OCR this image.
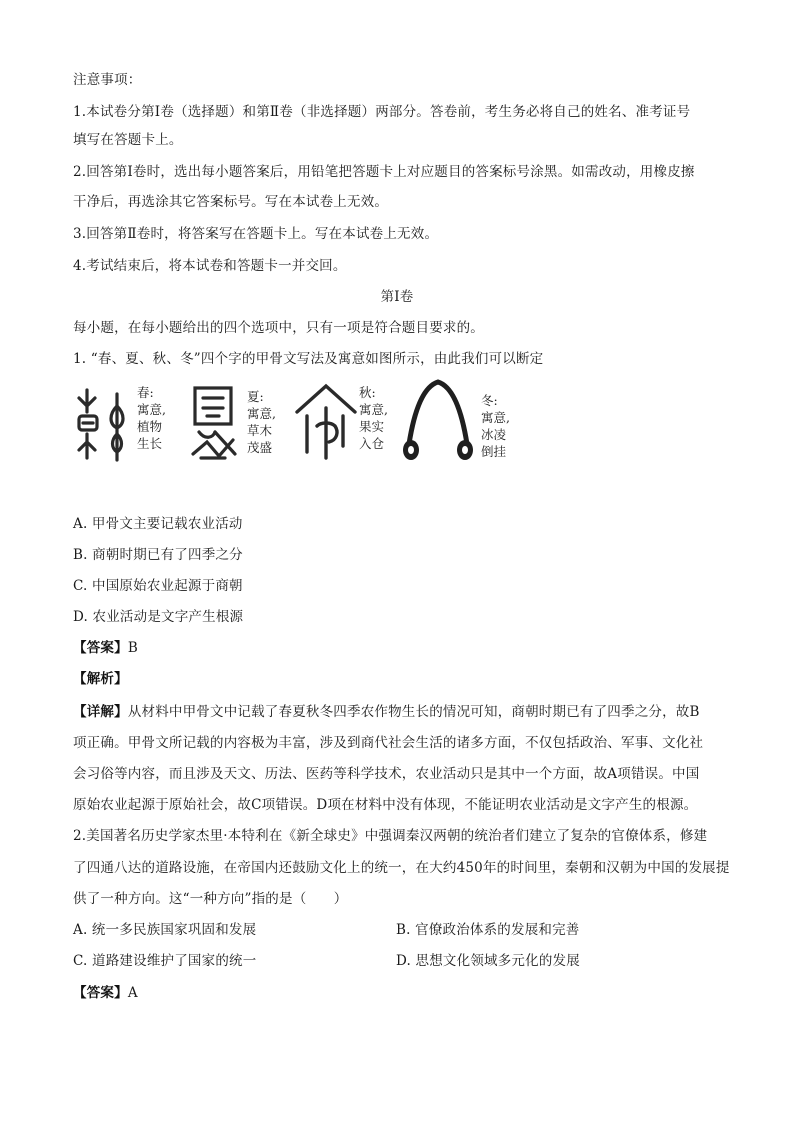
注意事项：
1.本试卷分第Ⅰ卷（选择题）和第Ⅱ卷（非选择题）两部分。答卷前，考生务必将自己的姓名、准考证号
填写在答题卡上。
2.回答第Ⅰ卷时，选出每小题答案后，用铅笔把答题卡上对应题目的答案标号涂黑。如需改动，用橡皮擦
干净后，再选涂其它答案标号。写在本试卷上无效。
3.回答第Ⅱ卷时，将答案写在答题卡上。写在本试卷上无效。
4.考试结束后，将本试卷和答题卡一并交回。
第Ⅰ卷
每小题，在每小题给出的四个选项中，只有一项是符合题目要求的。
1. “春、夏、秋、冬”四个字的甲骨文写法及寓意如图所示，由此我们可以断定
春:
寓意,
植物
生长
夏:
寓意,
草木
茂盛
秋:
寓意,
果实
入仓
冬:
寓意,
冰凌
倒挂
A. 甲骨文主要记载农业活动
B. 商朝时期已有了四季之分
C. 中国原始农业起源于商朝
D. 农业活动是文字产生根源
【答案】B
【解析】
【详解】从材料中甲骨文中记载了春夏秋冬四季农作物生长的情况可知，商朝时期已有了四季之分，故B
项正确。甲骨文所记载的内容极为丰富，涉及到商代社会生活的诸多方面，不仅包括政治、军事、文化社
会习俗等内容，而且涉及天文、历法、医药等科学技术，农业活动只是其中一个方面，故A项错误。中国
原始农业起源于原始社会，故C项错误。D项在材料中没有体现，不能证明农业活动是文字产生的根源。
2.美国著名历史学家杰里·本特利在《新全球史》中强调秦汉两朝的统治者们建立了复杂的官僚体系，修建
了四通八达的道路设施，在帝国内还鼓励文化上的统一，在大约450年的时间里，秦朝和汉朝为中国的发展提
供了一种方向。这“一种方向”指的是（　　）
A. 统一多民族国家巩固和发展	B. 官僚政治体系的发展和完善
C. 道路建设维护了国家的统一	D. 思想文化领域多元化的发展
【答案】A
